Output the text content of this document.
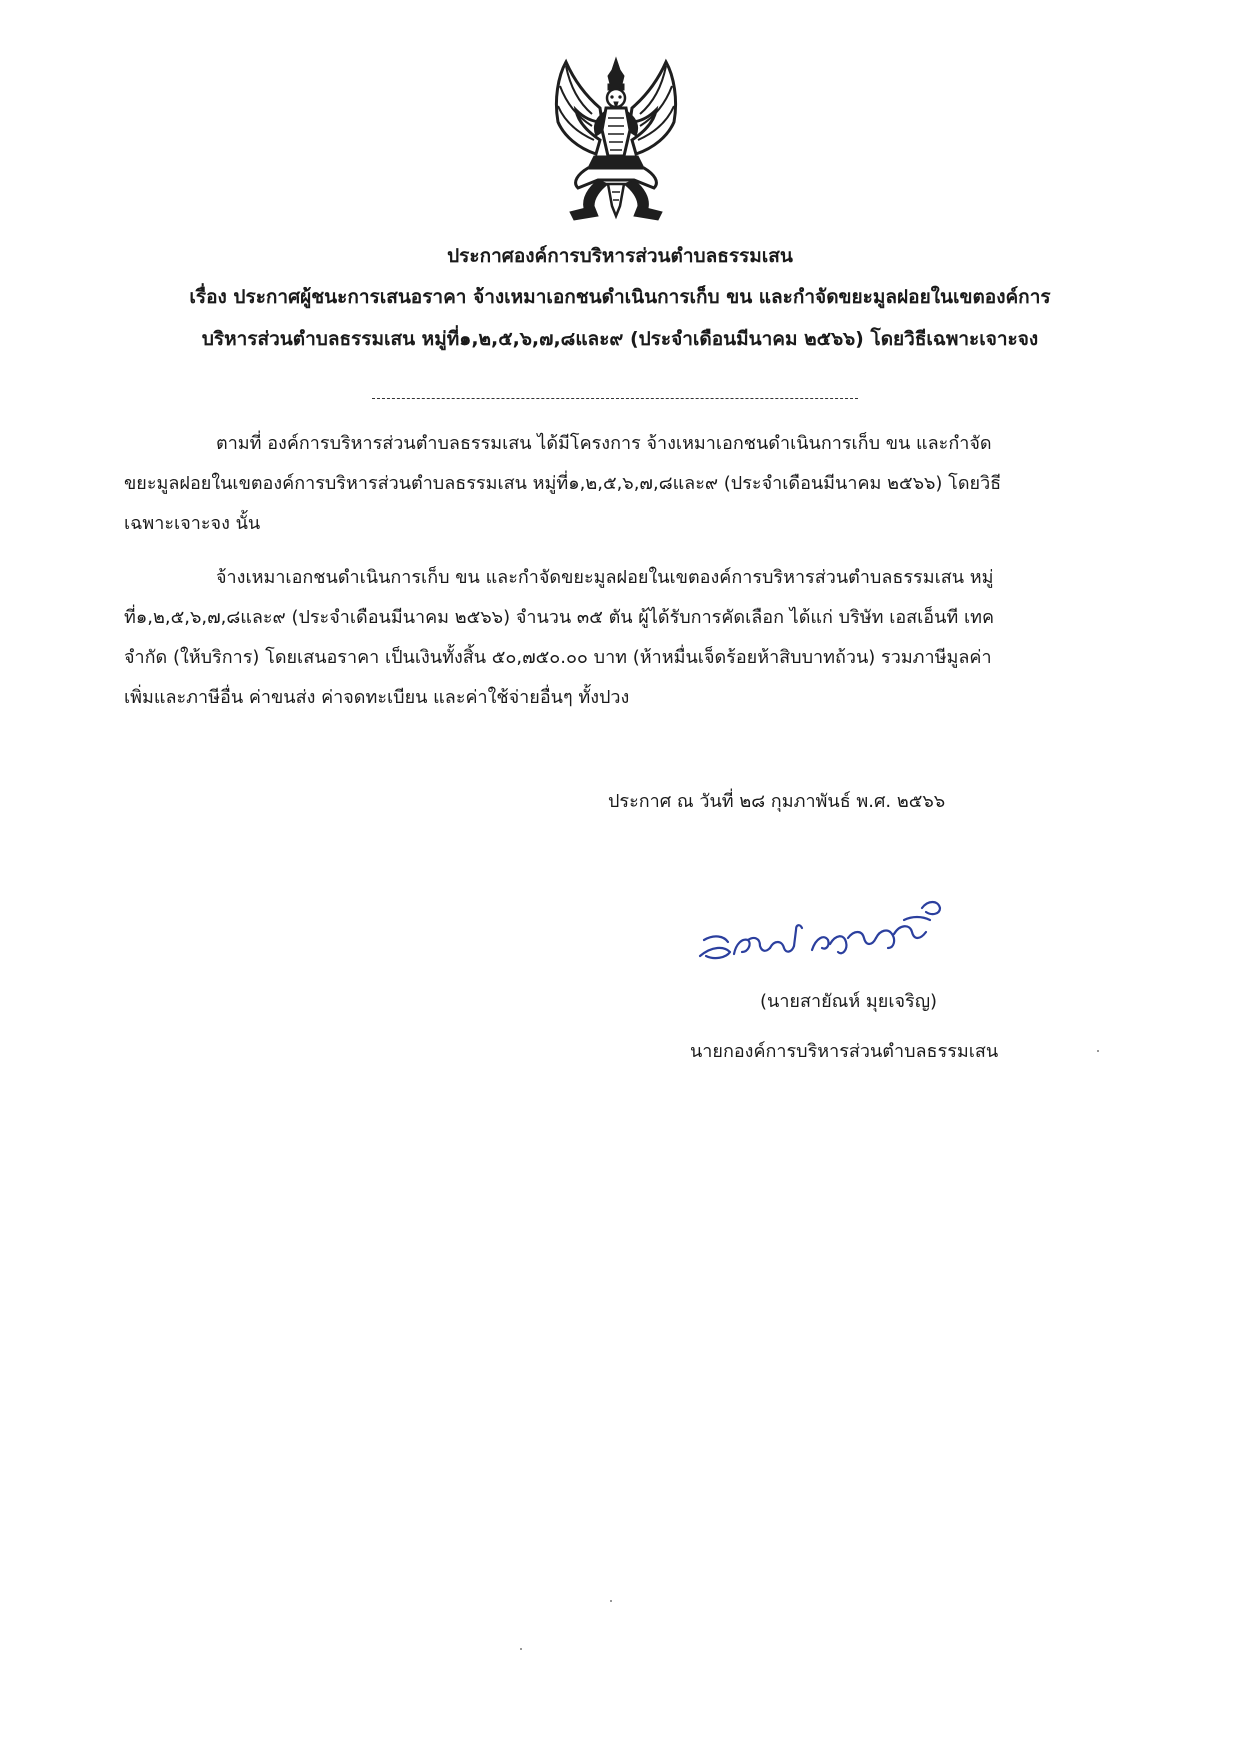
ประกาศองค์การบริหารส่วนตำบลธรรมเสน

เรื่อง ประกาศผู้ชนะการเสนอราคา จ้างเหมาเอกชนดำเนินการเก็บ ขน และกำจัดขยะมูลฝอยในเขตองค์การ

บริหารส่วนตำบลธรรมเสน หมู่ที่๑,๒,๕,๖,๗,๘และ๙ (ประจำเดือนมีนาคม ๒๕๖๖) โดยวิธีเฉพาะเจาะจง

ตามที่ องค์การบริหารส่วนตำบลธรรมเสน ได้มีโครงการ จ้างเหมาเอกชนดำเนินการเก็บ ขน และกำจัด
ขยะมูลฝอยในเขตองค์การบริหารส่วนตำบลธรรมเสน หมู่ที่๑,๒,๕,๖,๗,๘และ๙ (ประจำเดือนมีนาคม ๒๕๖๖) โดยวิธี
เฉพาะเจาะจง นั้น
จ้างเหมาเอกชนดำเนินการเก็บ ขน และกำจัดขยะมูลฝอยในเขตองค์การบริหารส่วนตำบลธรรมเสน หมู่
ที่๑,๒,๕,๖,๗,๘และ๙ (ประจำเดือนมีนาคม ๒๕๖๖) จำนวน ๓๕ ตัน ผู้ได้รับการคัดเลือก ได้แก่ บริษัท เอสเอ็นที เทค
จำกัด (ให้บริการ) โดยเสนอราคา เป็นเงินทั้งสิ้น ๕๐,๗๕๐.๐๐ บาท (ห้าหมื่นเจ็ดร้อยห้าสิบบาทถ้วน) รวมภาษีมูลค่า
เพิ่มและภาษีอื่น ค่าขนส่ง ค่าจดทะเบียน และค่าใช้จ่ายอื่นๆ ทั้งปวง
ประกาศ ณ วันที่ ๒๘ กุมภาพันธ์ พ.ศ. ๒๕๖๖
(นายสายัณห์ มุยเจริญ)
นายกองค์การบริหารส่วนตำบลธรรมเสน
